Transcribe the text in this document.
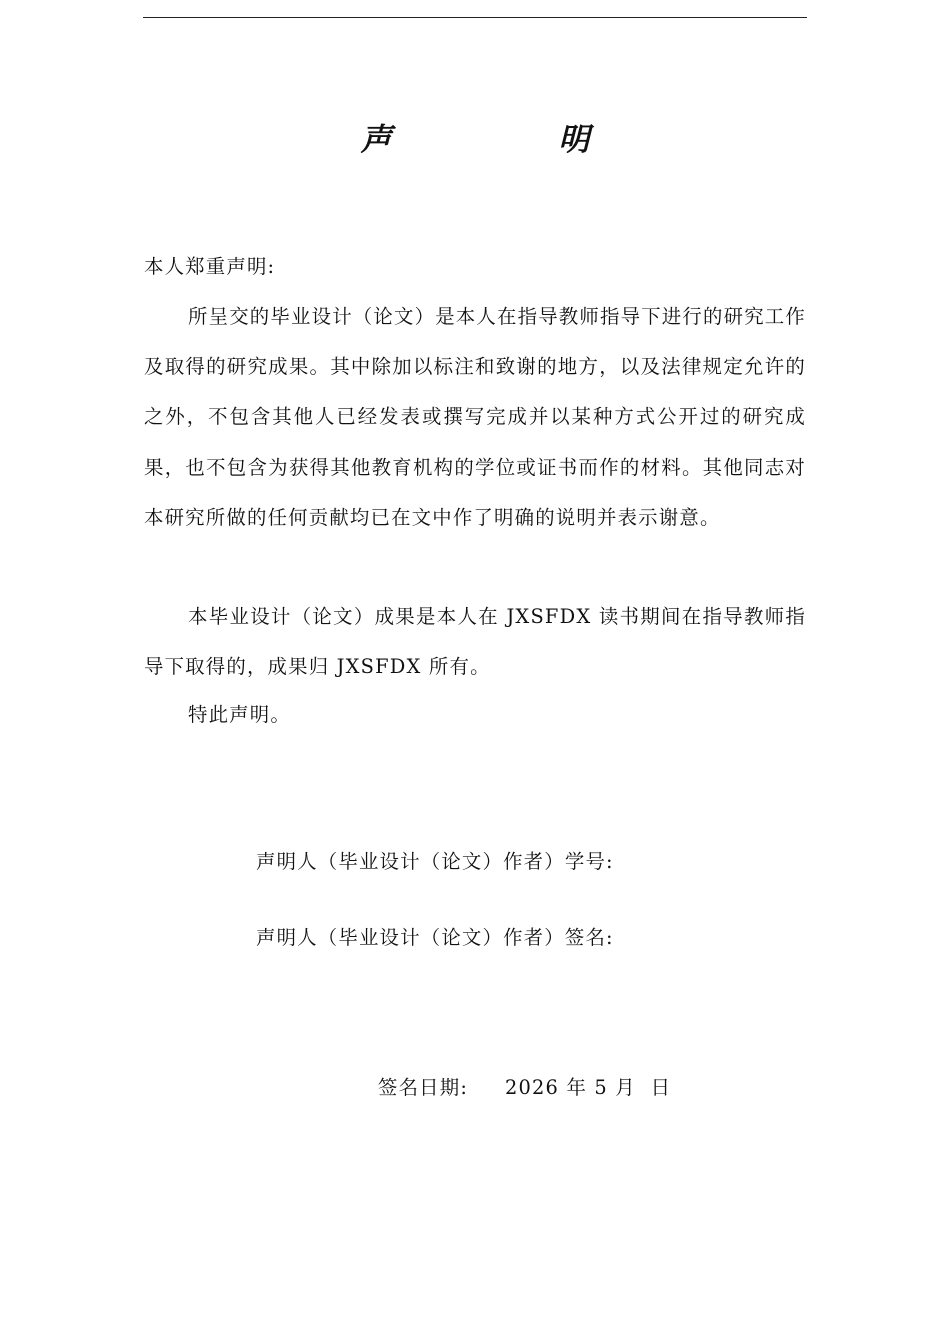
声 明
本人郑重声明:

所呈交的毕业设计（论文）是本人在指导教师指导下进行的研究工作及取得的研究成果。其中除加以标注和致谢的地方，以及法律规定允许的之外，不包含其他人已经发表或撰写完成并以某种方式公开过的研究成果，也不包含为获得其他教育机构的学位或证书而作的材料。其他同志对本研究所做的任何贡献均已在文中作了明确的说明并表示谢意。

本毕业设计（论文）成果是本人在 JXSFDX 读书期间在指导教师指导下取得的，成果归 JXSFDX 所有。

特此声明。

声明人（毕业设计（论文）作者）学号:
声明人（毕业设计（论文）作者）签名:
签名日期: 2026 年 5 月  日
